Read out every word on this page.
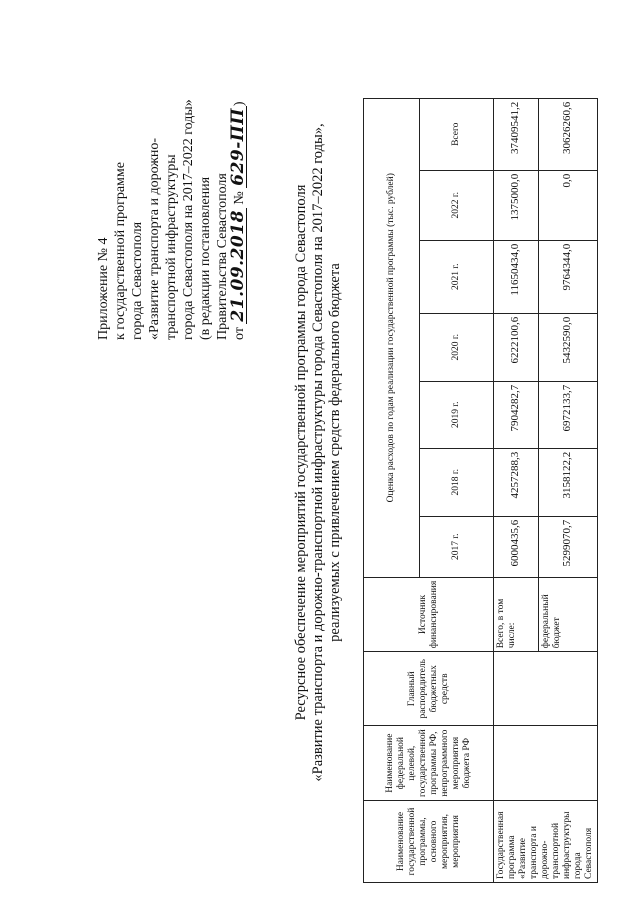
Приложение № 4 к государственной программе города Севастополя «Развитие транспорта и дорожно- транспортной инфраструктуры города Севастополя на 2017–2022 годы» (в редакции постановления Правительства Севастополя от 21.09.2018 № 629-ПП)
Ресурсное обеспечение мероприятий государственной программы города Севастополя «Развитие транспорта и дорожно-транспортной инфраструктуры города Севастополя на 2017–2022 годы», реализуемых с привлечением средств федерального бюджета
Наименование государственной программы, основного мероприятия, мероприятия	Наименование федеральной целевой, государственной программы РФ, непрограммного мероприятия бюджета РФ	Главный распорядитель бюджетных средств	Источник финансирования	Оценка расходов по годам реализации государственной программы (тыс. рублей)						
				2017 г.	2018 г.	2019 г.	2020 г.	2021 г.	2022 г.	Всего
Государственная программа «Развитие транспорта и дорожно-транспортной инфраструктуры города Севастополя			Всего, в том числе:	6000435,6	4257288,3	7904282,7	6222100,6	11650434,0	1375000,0	37409541,2
			федеральный бюджет	5299070,7	3158122,2	6972133,7	5432590,0	9764344,0	0,0	30626260,6
